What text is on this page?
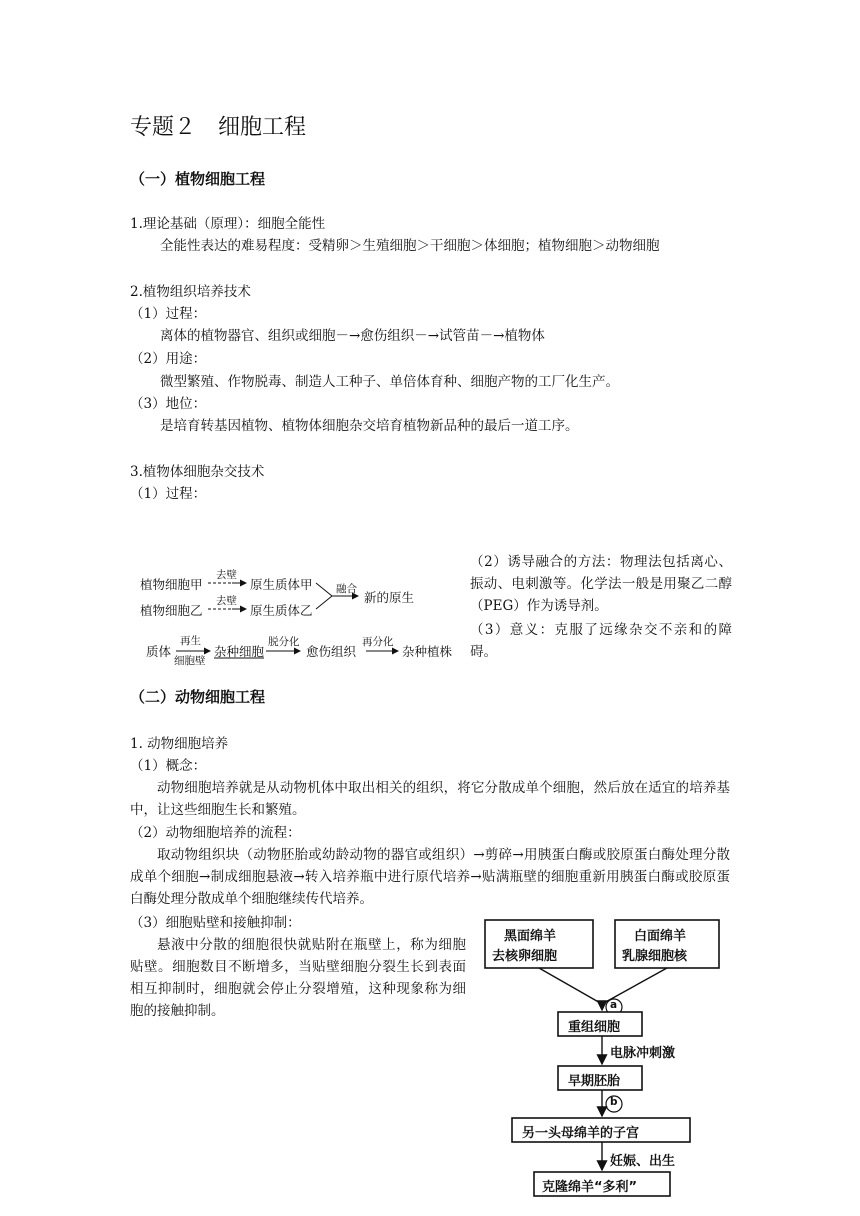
专题２　细胞工程
（一）植物细胞工程
1.理论基础（原理）：细胞全能性
全能性表达的难易程度：受精卵＞生殖细胞＞干细胞＞体细胞；植物细胞＞动物细胞
2.植物组织培养技术
（1）过程：
离体的植物器官、组织或细胞－→愈伤组织－→试管苗－→植物体
（2）用途：
微型繁殖、作物脱毒、制造人工种子、单倍体育种、细胞产物的工厂化生产。
（3）地位：
是培育转基因植物、植物体细胞杂交培育植物新品种的最后一道工序。
3.植物体细胞杂交技术
（1）过程：
植物细胞甲
去壁
原生质体甲
植物细胞乙
去壁
原生质体乙
融合
新的原生
质体
再生
细胞壁
杂种细胞
脱分化
愈伤组织
再分化
杂种植株
（2）诱导融合的方法：物理法包括离心、振动、电刺激等。化学法一般是用聚乙二醇（PEG）作为诱导剂。
（3）意义：克服了远缘杂交不亲和的障碍。
（二）动物细胞工程
1. 动物细胞培养
（1）概念：
动物细胞培养就是从动物机体中取出相关的组织，将它分散成单个细胞，然后放在适宜的培养基中，让这些细胞生长和繁殖。
（2）动物细胞培养的流程：
取动物组织块（动物胚胎或幼龄动物的器官或组织）→剪碎→用胰蛋白酶或胶原蛋白酶处理分散成单个细胞→制成细胞悬液→转入培养瓶中进行原代培养→贴满瓶壁的细胞重新用胰蛋白酶或胶原蛋白酶处理分散成单个细胞继续传代培养。
（3）细胞贴壁和接触抑制：
悬液中分散的细胞很快就贴附在瓶壁上，称为细胞贴壁。细胞数目不断增多，当贴壁细胞分裂生长到表面相互抑制时，细胞就会停止分裂增殖，这种现象称为细胞的接触抑制。
黑面绵羊
去核卵细胞
白面绵羊
乳腺细胞核
a
重组细胞
电脉冲刺激
早期胚胎
b
另一头母绵羊的子宫
妊娠、出生
克隆绵羊“多利”
